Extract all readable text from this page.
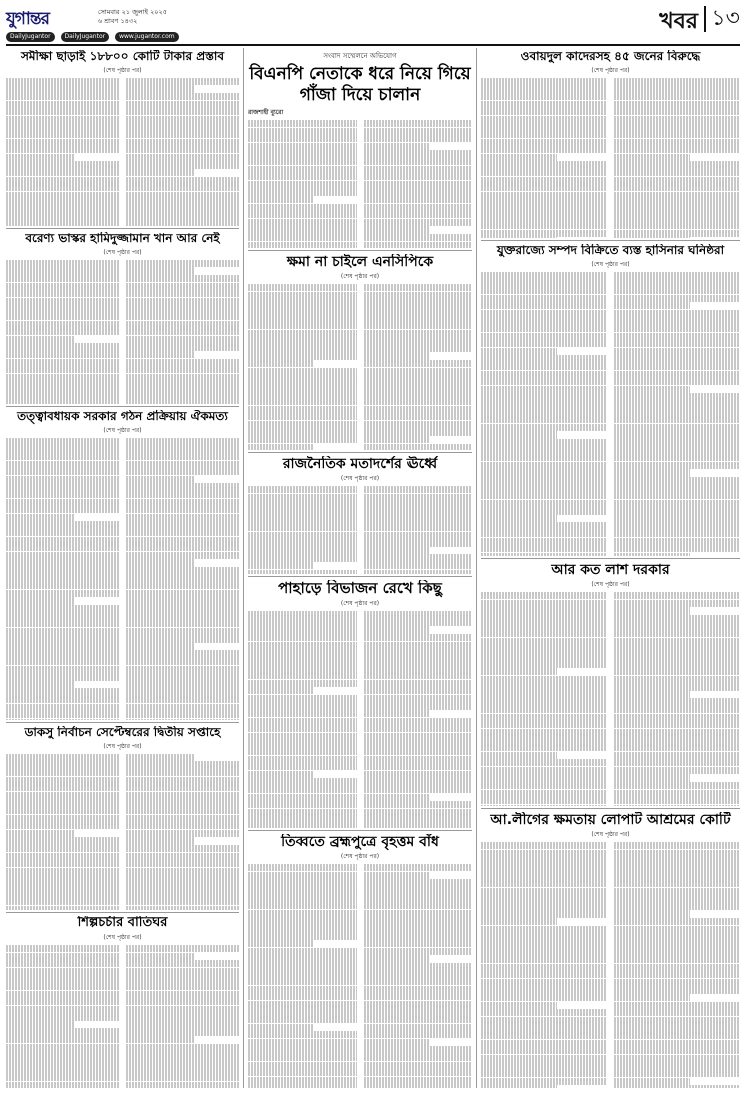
যুগান্তর	সোমবার ২১ জুলাই ২০২৫
৬ শ্রাবণ ১৪৩২
DailyJugantor	DailyJugantor	www.jugantor.com
খবর ১৩
সমীক্ষা ছাড়াই ১৮৮০০ কোটি টাকার প্রস্তাব
(শেষ পৃষ্ঠার পর)
বরেণ্য ভাস্কর হামিদুজ্জামান খান আর নেই
(শেষ পৃষ্ঠার পর)
তত্ত্বাবধায়ক সরকার গঠন প্রক্রিয়ায় ঐকমত্য
(শেষ পৃষ্ঠার পর)
ডাকসু নির্বাচন সেপ্টেম্বরের দ্বিতীয় সপ্তাহে
(শেষ পৃষ্ঠার পর)
শিল্পচর্চার বাতিঘর
(শেষ পৃষ্ঠার পর)
সংবাদ সম্মেলনে অভিযোগ
বিএনপি নেতাকে ধরে নিয়ে গিয়ে গাঁজা দিয়ে চালান
রাজশাহী ব্যুরো
ক্ষমা না চাইলে এনসিপিকে
(শেষ পৃষ্ঠার পর)
রাজনৈতিক মতাদর্শের ঊর্ধ্বে
(শেষ পৃষ্ঠার পর)
পাহাড়ে বিভাজন রেখে কিছু
(শেষ পৃষ্ঠার পর)
তিব্বতে ব্রহ্মপুত্রে বৃহত্তম বাঁধ
(শেষ পৃষ্ঠার পর)
ওবায়দুল কাদেরসহ ৪৫ জনের বিরুদ্ধে
(শেষ পৃষ্ঠার পর)
যুক্তরাজ্যে সম্পদ বিক্রিতে ব্যস্ত হাসিনার ঘনিষ্ঠরা
(শেষ পৃষ্ঠার পর)
আর কত লাশ দরকার
(শেষ পৃষ্ঠার পর)
আ.লীগের ক্ষমতায় লোপাট আশ্রমের কোটি
(শেষ পৃষ্ঠার পর)
